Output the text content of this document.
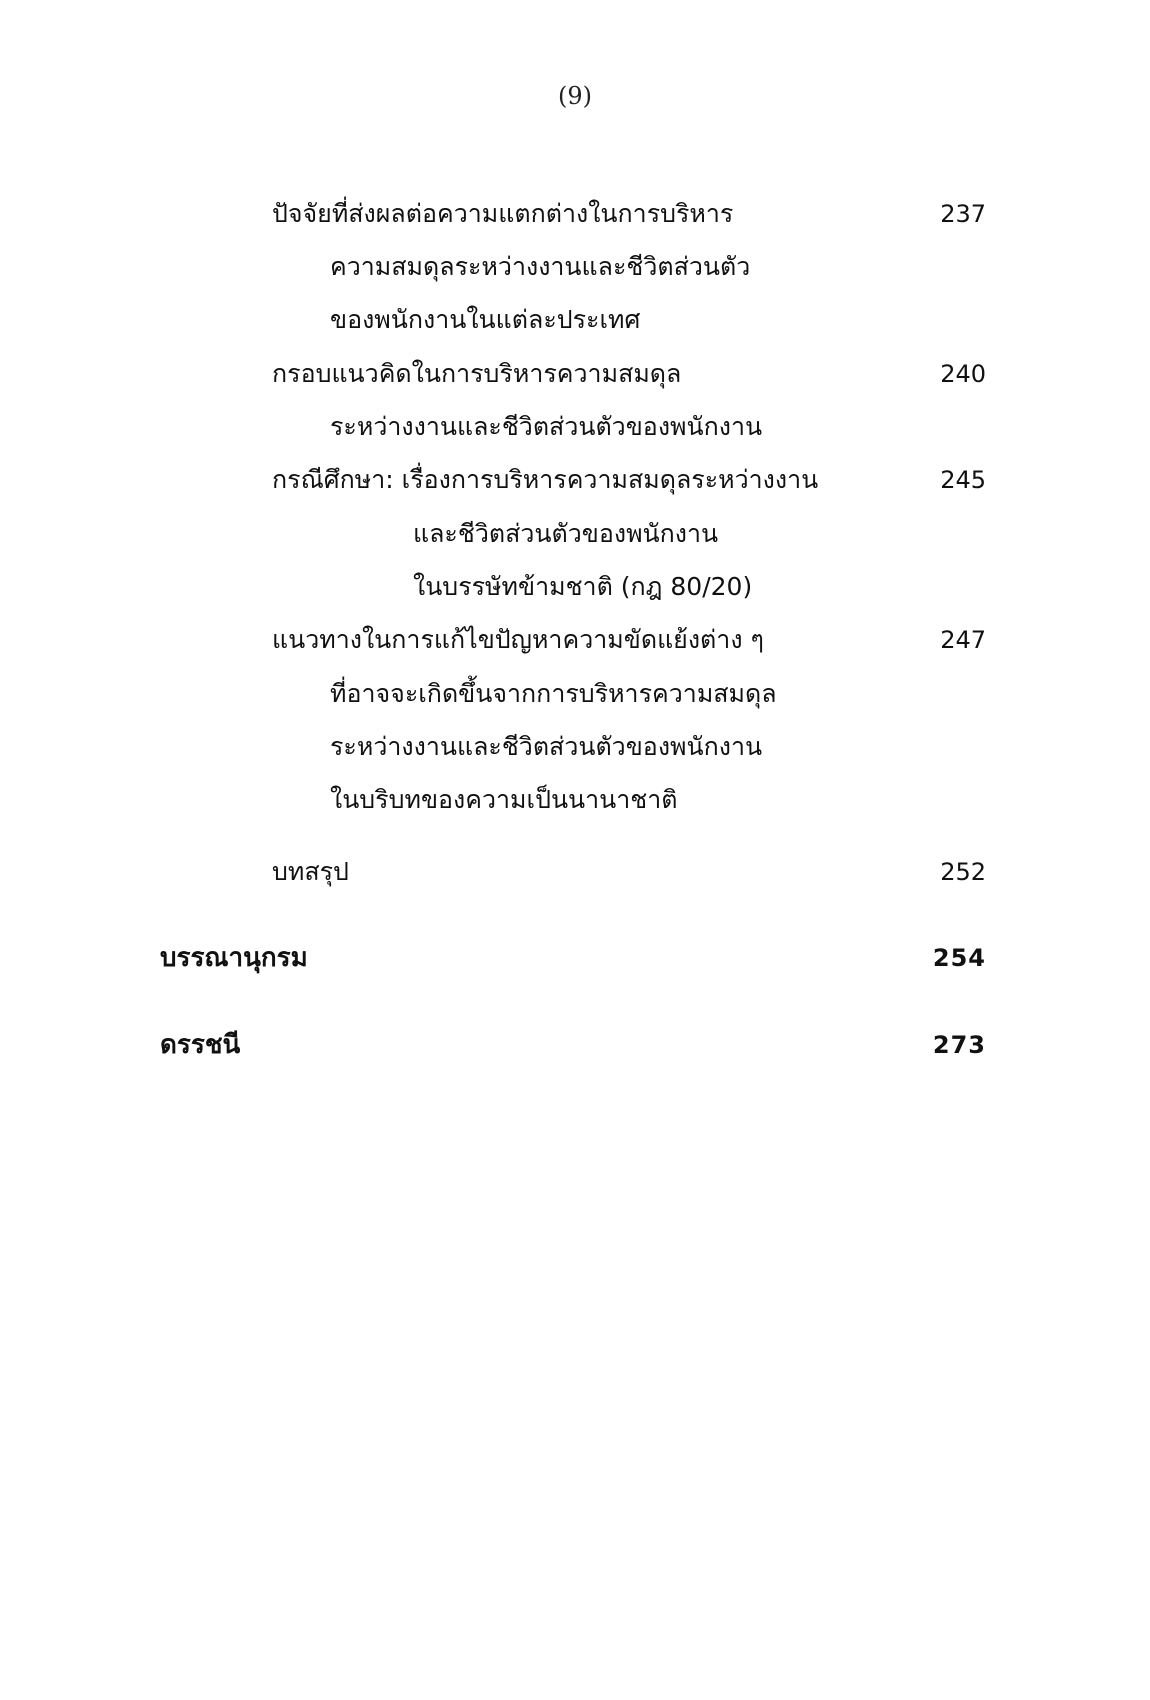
(9)
ปัจจัยที่ส่งผลต่อความแตกต่างในการบริหาร	237
ความสมดุลระหว่างงานและชีวิตส่วนตัว
ของพนักงานในแต่ละประเทศ
กรอบแนวคิดในการบริหารความสมดุล	240
ระหว่างงานและชีวิตส่วนตัวของพนักงาน
กรณีศึกษา: เรื่องการบริหารความสมดุลระหว่างงาน	245
และชีวิตส่วนตัวของพนักงาน
ในบรรษัทข้ามชาติ (กฎ 80/20)
แนวทางในการแก้ไขปัญหาความขัดแย้งต่าง ๆ	247
ที่อาจจะเกิดขึ้นจากการบริหารความสมดุล
ระหว่างงานและชีวิตส่วนตัวของพนักงาน
ในบริบทของความเป็นนานาชาติ
บทสรุป	252
บรรณานุกรม	254
ดรรชนี	273
